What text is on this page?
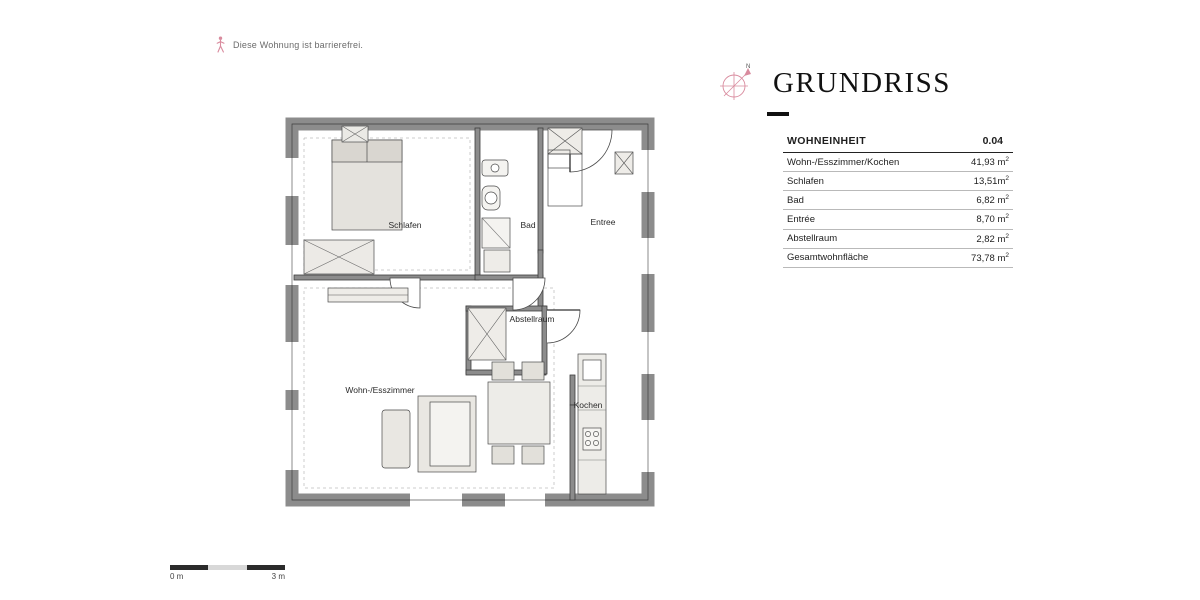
Diese Wohnung ist barrierefrei.
Schlafen	Bad	Entree
Abstellraum
Wohn-/Esszimmer
Kochen
0 m	3 m
N GRUNDRISS
WOHNEINHEIT	0.04
Wohn-/Esszimmer/Kochen	41,93 $m^2$
Schlafen	$13,51m^2$
Bad	6,82 $m^2$
Entrée	8,70 $m^2$
Abstellraum	2,82 $m^2$
Gesamtwohnfläche	73,78 $m^2$
